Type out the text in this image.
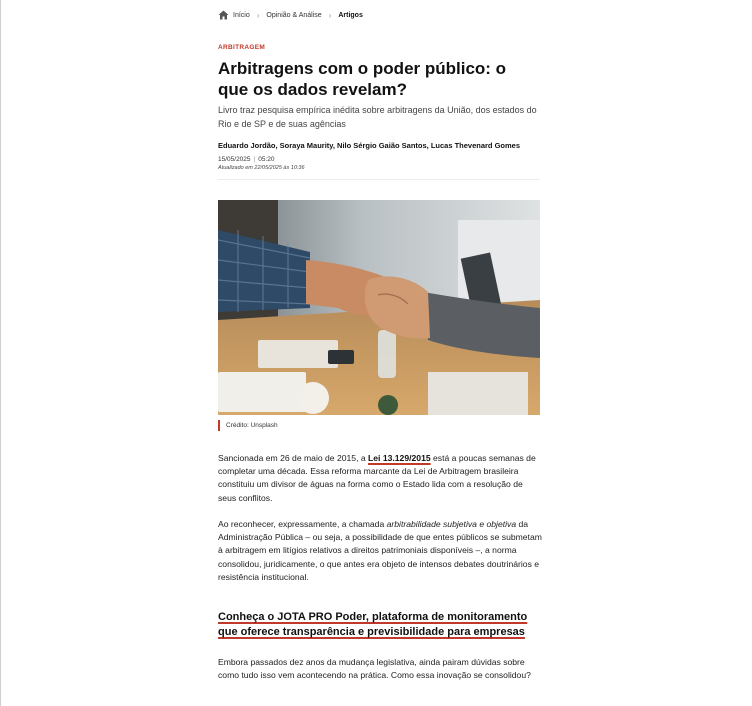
Início › Opinião & Análise › Artigos
ARBITRAGEM
Arbitragens com o poder público: o que os dados revelam?

Livro traz pesquisa empírica inédita sobre arbitragens da União, dos estados do Rio e de SP e de suas agências

Eduardo Jordão, Soraya Maurity, Nilo Sérgio Gaião Santos, Lucas Thevenard Gomes
15/05/2025 | 05:20
Atualizado em 22/05/2025 às 10:36
Crédito: Unsplash

Sancionada em 26 de maio de 2015, a Lei 13.129/2015 está a poucas semanas de completar uma década. Essa reforma marcante da Lei de Arbitragem brasileira constituiu um divisor de águas na forma como o Estado lida com a resolução de seus conflitos.

Ao reconhecer, expressamente, a chamada arbitrabilidade subjetiva e objetiva da Administração Pública – ou seja, a possibilidade de que entes públicos se submetam à arbitragem em litígios relativos a direitos patrimoniais disponíveis –, a norma consolidou, juridicamente, o que antes era objeto de intensos debates doutrinários e resistência institucional.

Conheça o JOTA PRO Poder, plataforma de monitoramento que oferece transparência e previsibilidade para empresas

Embora passados dez anos da mudança legislativa, ainda pairam dúvidas sobre como tudo isso vem acontecendo na prática. Como essa inovação se consolidou?
